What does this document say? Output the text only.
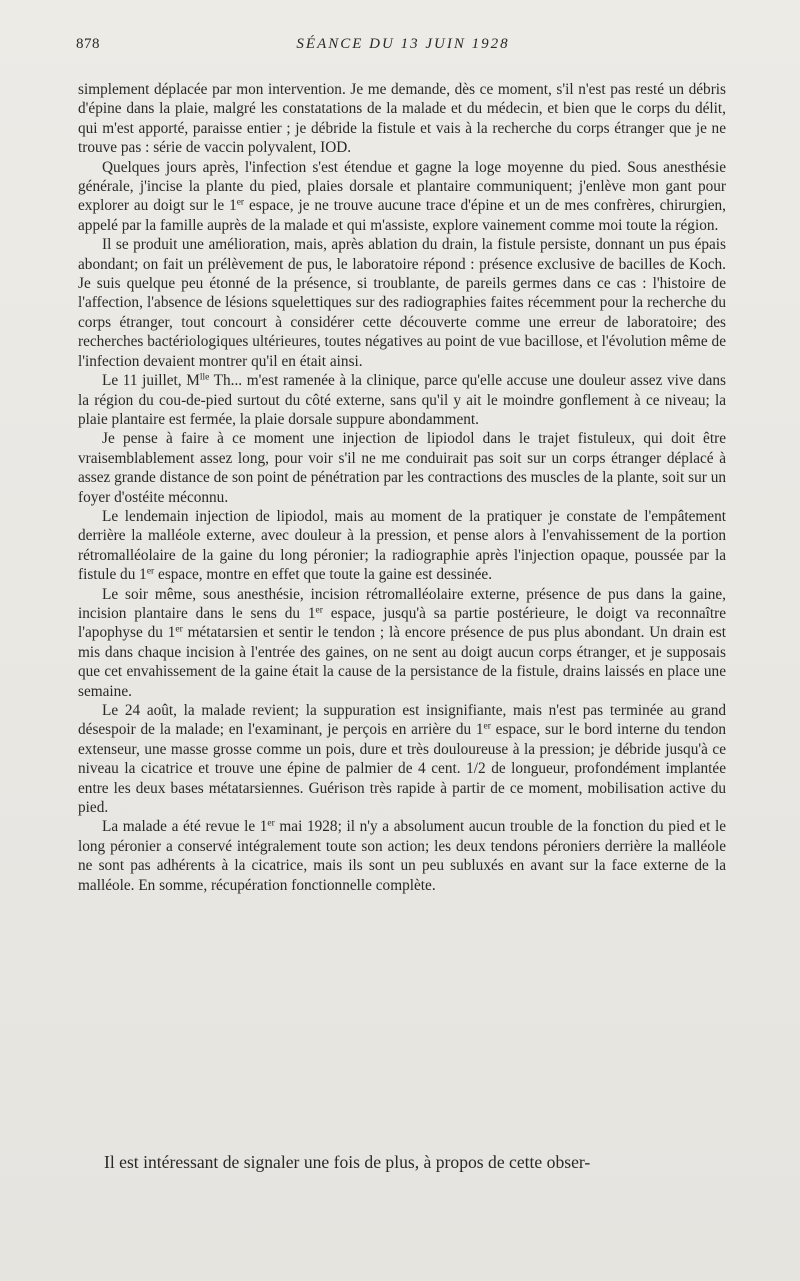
878	SÉANCE DU 13 JUIN 1928

simplement déplacée par mon intervention. Je me demande, dès ce moment, s'il n'est pas resté un débris d'épine dans la plaie, malgré les constatations de la malade et du médecin, et bien que le corps du délit, qui m'est apporté, paraisse entier ; je débride la fistule et vais à la recherche du corps étranger que je ne trouve pas : série de vaccin polyvalent, IOD.

Quelques jours après, l'infection s'est étendue et gagne la loge moyenne du pied. Sous anesthésie générale, j'incise la plante du pied, plaies dorsale et plantaire communiquent; j'enlève mon gant pour explorer au doigt sur le 1er espace, je ne trouve aucune trace d'épine et un de mes confrères, chirurgien, appelé par la famille auprès de la malade et qui m'assiste, explore vainement comme moi toute la région.

Il se produit une amélioration, mais, après ablation du drain, la fistule persiste, donnant un pus épais abondant; on fait un prélèvement de pus, le laboratoire répond : présence exclusive de bacilles de Koch. Je suis quelque peu étonné de la présence, si troublante, de pareils germes dans ce cas : l'histoire de l'affection, l'absence de lésions squelettiques sur des radiographies faites récemment pour la recherche du corps étranger, tout concourt à considérer cette découverte comme une erreur de laboratoire; des recherches bactériologiques ultérieures, toutes négatives au point de vue bacillose, et l'évolution même de l'infection devaient montrer qu'il en était ainsi.

Le 11 juillet, $M^{lle}$ Th... m'est ramenée à la clinique, parce qu'elle accuse une douleur assez vive dans la région du cou-de-pied surtout du côté externe, sans qu'il y ait le moindre gonflement à ce niveau; la plaie plantaire est fermée, la plaie dorsale suppure abondamment.

Je pense à faire à ce moment une injection de lipiodol dans le trajet fistuleux, qui doit être vraisemblablement assez long, pour voir s'il ne me conduirait pas soit sur un corps étranger déplacé à assez grande distance de son point de pénétration par les contractions des muscles de la plante, soit sur un foyer d'ostéite méconnu.

Le lendemain injection de lipiodol, mais au moment de la pratiquer je constate de l'empâtement derrière la malléole externe, avec douleur à la pression, et pense alors à l'envahissement de la portion rétromalléolaire de la gaine du long péronier; la radiographie après l'injection opaque, poussée par la fistule du 1er espace, montre en effet que toute la gaine est dessinée.

Le soir même, sous anesthésie, incision rétromalléolaire externe, présence de pus dans la gaine, incision plantaire dans le sens du 1er espace, jusqu'à sa partie postérieure, le doigt va reconnaître l'apophyse du 1er métatarsien et sentir le tendon ; là encore présence de pus plus abondant. Un drain est mis dans chaque incision à l'entrée des gaines, on ne sent au doigt aucun corps étranger, et je supposais que cet envahissement de la gaine était la cause de la persistance de la fistule, drains laissés en place une semaine.

Le 24 août, la malade revient; la suppuration est insignifiante, mais n'est pas terminée au grand désespoir de la malade; en l'examinant, je perçois en arrière du 1er espace, sur le bord interne du tendon extenseur, une masse grosse comme un pois, dure et très douloureuse à la pression; je débride jusqu'à ce niveau la cicatrice et trouve une épine de palmier de 4 cent. 1/2 de longueur, profondément implantée entre les deux bases métatarsiennes. Guérison très rapide à partir de ce moment, mobilisation active du pied.

La malade a été revue le 1er mai 1928; il n'y a absolument aucun trouble de la fonction du pied et le long péronier a conservé intégralement toute son action; les deux tendons péroniers derrière la malléole ne sont pas adhérents à la cicatrice, mais ils sont un peu subluxés en avant sur la face externe de la malléole. En somme, récupération fonctionnelle complète.

Il est intéressant de signaler une fois de plus, à propos de cette obser-
